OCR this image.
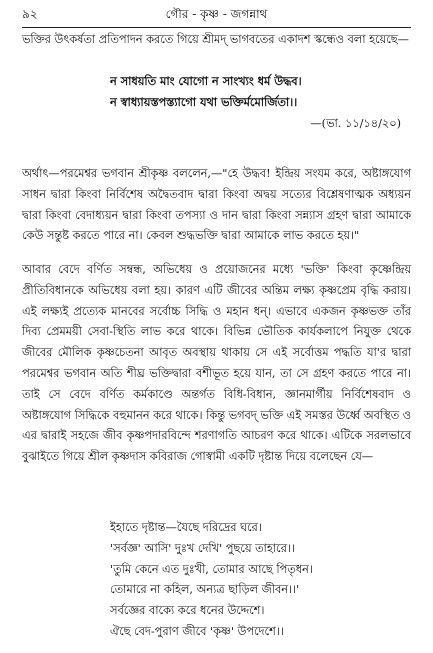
৯২	গৌর - কৃষ্ণ - জগন্নাথ
ভক্তির উৎকর্ষতা প্রতিপাদন করতে গিয়ে শ্রীমদ্ ভাগবতের একাদশ স্কন্ধেও বলা হয়েছে—
ন সাধয়তি মাং যোগো ন সাংখ্যং ধর্ম উদ্ধব।
ন স্বাধ্যায়স্তপস্ত্যাগো যথা ভক্তির্মমোর্জিতা।।
—(ভা. ১১/১৪/২০)
অর্থাৎ—পরমেশ্বর ভগবান শ্রীকৃষ্ণ বললেন,—"হে উদ্ধব! ইন্দ্রিয় সংযম করে, অষ্টাঙ্গযোগ সাধন দ্বারা কিংবা নির্বিশেষ অদ্বৈতবাদ দ্বারা কিংবা অদ্বয় সত্যের বিশ্লেষণাত্মক অধ্যয়ন দ্বারা কিংবা বেদাধ্যয়ন দ্বারা কিংবা তপস্যা ও দান দ্বারা কিংবা সন্ন্যাস গ্রহণ দ্বারা আমাকে কেউ সন্তুষ্ট করতে পারে না। কেবল শুদ্ধভক্তি দ্বারা আমাকে লাভ করতে হয়।"
আবার বেদে বর্ণিত সম্বন্ধ, অভিধেয় ও প্রয়োজনের মধ্যে 'ভক্তি' কিংবা কৃষ্ণেন্দ্রিয় প্রীতিবিধানকে অভিধেয় বলা হয়। কারণ এটি জীবের অন্তিম লক্ষ্য কৃষ্ণপ্রেম বৃদ্ধি করায়। এই লক্ষ্যই প্রত্যেক মানবের সর্বোচ্চ সিদ্ধি ও মহান ধন্। এভাবে একজন কৃষ্ণভক্ত তাঁর দিব্য প্রেমময়ী সেবা-স্থিতি লাভ করে থাকে। বিভিন্ন ভৌতিক কার্যকলাপে নিযুক্ত থেকে জীবের মৌলিক কৃষ্ণচেতনা আবৃত অবস্থায় থাকায় সে এই সর্বোত্তম পদ্ধতি যা'র দ্বারা পরমেশ্বর ভগবান অতি শীঘ্র ভক্তিদ্বারা বশীভূত হয়ে যান, তা সে গ্রহণ করতে পারে না। তাই সে বেদে বর্ণিত কর্মকাণ্ডে অন্তর্গত বিধি-বিধান, জ্ঞানমার্গীয় নির্বিশেষবাদ ও অষ্টাঙ্গযোগ সিদ্ধিকে বহুমানন করে থাকে। কিন্তু ভগবদ্ ভক্তি এই সমস্তর উর্ধ্বে অবস্থিত ও এর দ্বারাই সহজে জীব কৃষ্ণপদারবিন্দে শরণাগতি আচরণ করে থাকে। এটিকে সরলভাবে বুঝাইতে গিয়ে শ্রীল কৃষ্ণদাস কবিরাজ গোস্বামী একটি দৃষ্টান্ত দিয়ে বলেছেন যে—
ইহাতে দৃষ্টান্ত—যৈছে দরিদ্রের ঘরে।
'সর্বজ্ঞ' আসি' দুঃখ দেখি' পুছয়ে তাহারে।।
'তুমি কেনে এত দুঃখী, তোমার আছে পিতৃধন।
তোমারে না কহিল, অন্যত্র ছাড়িল জীবন।।'
সর্বজ্ঞের বাক্যে করে ধনের উদ্দেশে।
ঐছে বেদ-পুরাণ জীবে 'কৃষ্ণ' উপদেশে।।
